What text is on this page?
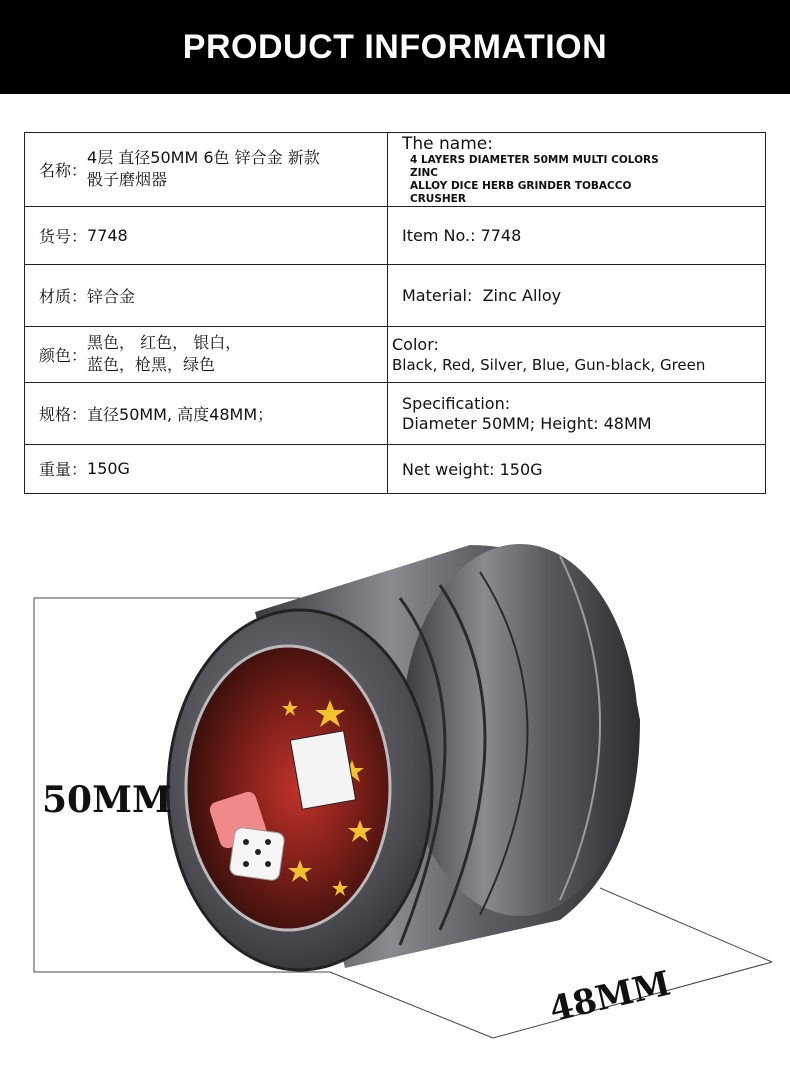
PRODUCT INFORMATION
名称：4层 直径50MM 6色 锌合金 新款
骰子磨烟器	The name:4 LAYERS DIAMETER 50MM MULTI COLORS ZINC
ALLOY DICE HERB GRINDER TOBACCO CRUSHER
货号：7748	Item No.: 7748
材质：锌合金	Material: Zinc Alloy
颜色：黑色， 红色， 银白，
蓝色，枪黑，绿色	Color:  Black, Red, Silver, Blue, Gun-black, Green
规格：直径50MM, 高度48MM；	Specification: Diameter 50MM; Height: 48MM
重量：150G	Net weight: 150G
50MM
48MM
